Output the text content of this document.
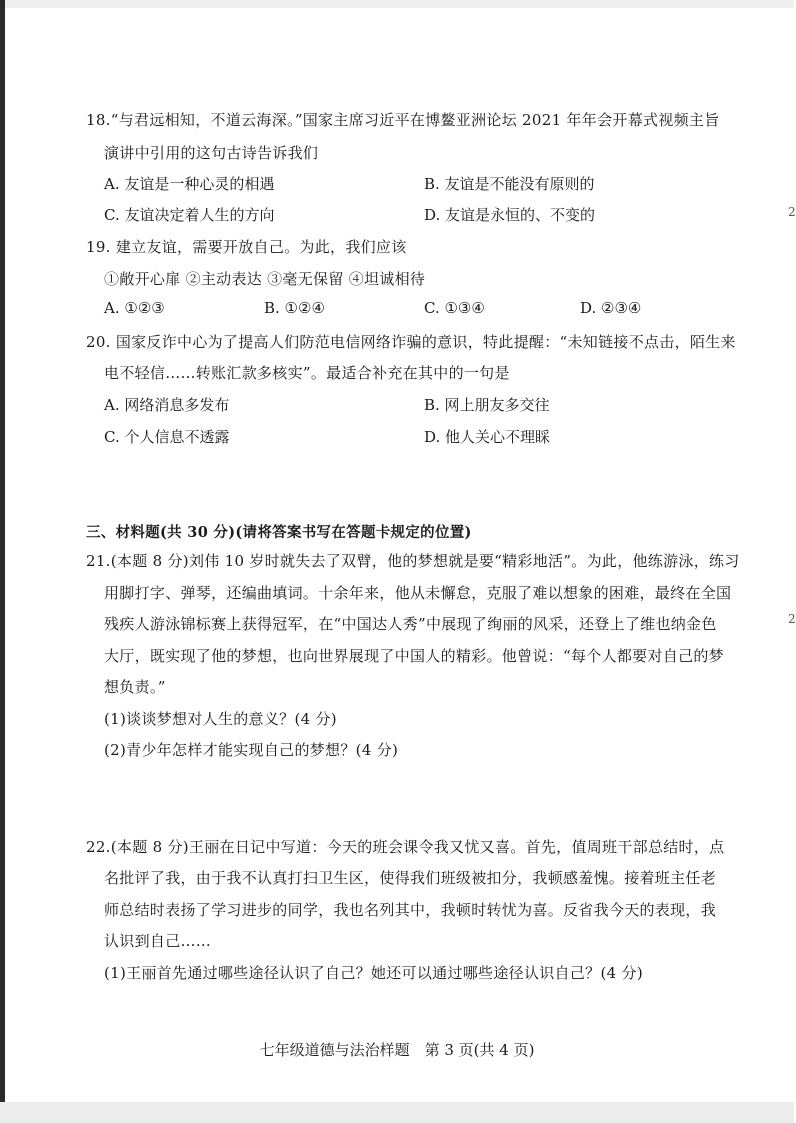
2
2
18.“与君远相知，不道云海深。”国家主席习近平在博鳌亚洲论坛 2021 年年会开幕式视频主旨
演讲中引用的这句古诗告诉我们
A. 友谊是一种心灵的相遇	B. 友谊是不能没有原则的
C. 友谊决定着人生的方向	D. 友谊是永恒的、不变的
19. 建立友谊，需要开放自己。为此，我们应该
①敞开心扉 ②主动表达 ③毫无保留 ④坦诚相待
A. ①②③	B. ①②④	C. ①③④	D. ②③④
20. 国家反诈中心为了提高人们防范电信网络诈骗的意识，特此提醒：“未知链接不点击，陌生来
电不轻信……转账汇款多核实”。最适合补充在其中的一句是
A. 网络消息多发布	B. 网上朋友多交往
C. 个人信息不透露	D. 他人关心不理睬
三、材料题(共 30 分)(请将答案书写在答题卡规定的位置)
21.(本题 8 分)刘伟 10 岁时就失去了双臂，他的梦想就是要“精彩地活”。为此，他练游泳，练习
用脚打字、弹琴，还编曲填词。十余年来，他从未懈怠，克服了难以想象的困难，最终在全国
残疾人游泳锦标赛上获得冠军，在“中国达人秀”中展现了绚丽的风采，还登上了维也纳金色
大厅，既实现了他的梦想，也向世界展现了中国人的精彩。他曾说：“每个人都要对自己的梦
想负责。”
(1)谈谈梦想对人生的意义？(4 分)
(2)青少年怎样才能实现自己的梦想？(4 分)
22.(本题 8 分)王丽在日记中写道：今天的班会课令我又忧又喜。首先，值周班干部总结时，点
名批评了我，由于我不认真打扫卫生区，使得我们班级被扣分，我顿感羞愧。接着班主任老
师总结时表扬了学习进步的同学，我也名列其中，我顿时转忧为喜。反省我今天的表现，我
认识到自己……
(1)王丽首先通过哪些途径认识了自己？她还可以通过哪些途径认识自己？(4 分)
七年级道德与法治样题　第 3 页(共 4 页)
